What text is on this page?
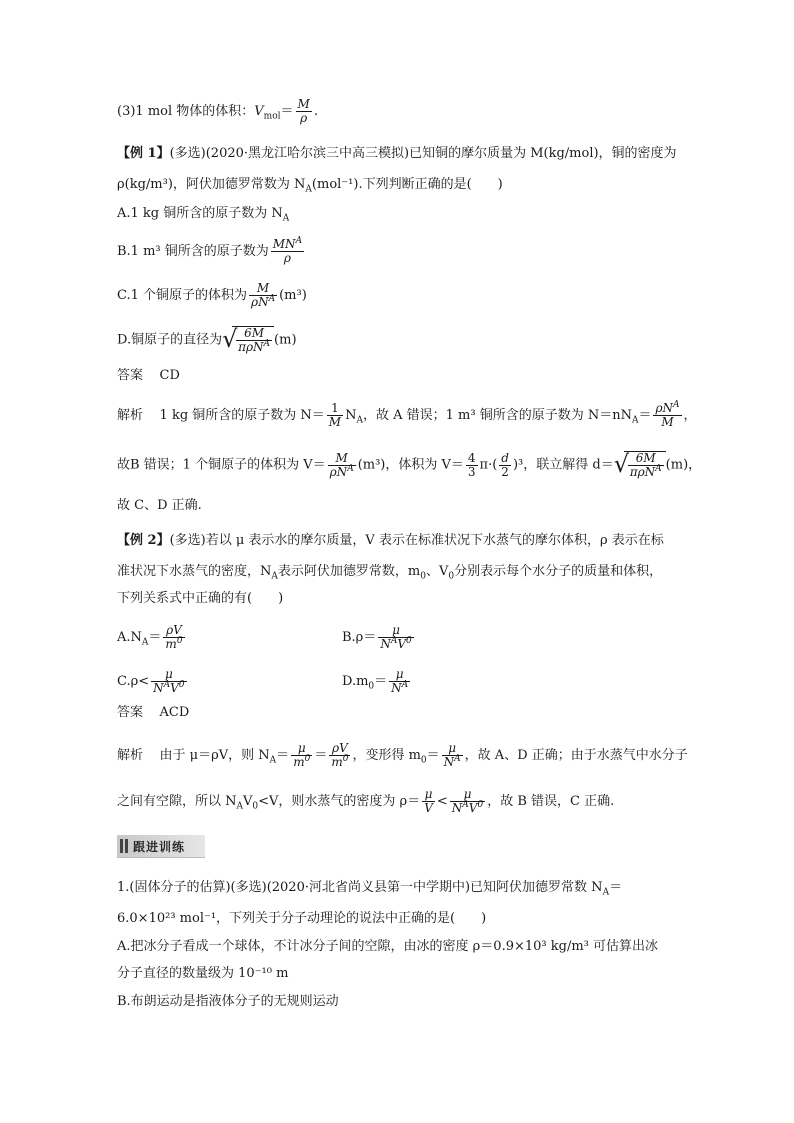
(3)1 mol 物体的体积：$V_{mol}= \frac{M}{\rho}$ .
【例 1】(多选)(2020·黑龙江哈尔滨三中高三模拟)已知铜的摩尔质量为 M(kg/mol)，铜的密度为
ρ(kg/m³)，阿伏加德罗常数为 $N_A(mol^{-1})$.下列判断正确的是(　　)
A.1 kg 铜所含的原子数为 $N_A$
B.1 m³ 铜所含的原子数为 $\frac{MN^A}{\rho}$
C.1 个铜原子的体积为 $\frac{M}{\rho N^A} (m^3)$
D.铜原子的直径为 √
$\frac{6M}{\pi\rho N^A} (m)$
答案 CD
解析 1 kg 铜所含的原子数为 $N= \frac{1}{M} N_A$，故 A 错误；1 m³ 铜所含的原子数为 $N=nN_A= \frac{\rho N^A}{M}$ ，
故B 错误；1 个铜原子的体积为 $V= \frac{M}{\rho N^A} (m^3)$，体积为 $V= \frac{4}{3} \pi\cdot( \frac{d}{2} )^3$，联立解得 d＝ √
$\frac{6M}{\pi\rho N^A} (m)$，
故 C、D 正确.
【例 2】(多选)若以 μ 表示水的摩尔质量，V 表示在标准状况下水蒸气的摩尔体积，ρ 表示在标
准状况下水蒸气的密度，$N_A$表示阿伏加德罗常数，$m_0$、$V_0$分别表示每个水分子的质量和体积，
下列关系式中正确的有(　　)
$A.N_A= \frac{\rho V}{m^0}$	$B.\rho= \frac{\mu}{N^AV^0}$
$C.\rho< \frac{\mu}{N^AV^0}$	$D.m_0= \frac{\mu}{N^A}$
答案 ACD
解析 由于 μ＝ρV，则 $N_A= \frac{\mu}{m^0} = \frac{\rho V}{m^0}$ ，变形得 $m_0= \frac{\mu}{N^A}$ ，故 A、D 正确；由于水蒸气中水分子
之间有空隙，所以 $N_AV_0<V$，则水蒸气的密度为 $\rho= \frac{\mu}{V} < \frac{\mu}{N^AV^0}$ ，故 B 错误，C 正确.
跟进训练
1.(固体分子的估算)(多选)(2020·河北省尚义县第一中学期中)已知阿伏加德罗常数 $N_A=$
6.0×10²³ mol⁻¹，下列关于分子动理论的说法中正确的是(　　)
A.把冰分子看成一个球体，不计冰分子间的空隙，由冰的密度 ρ＝0.9×10³ kg/m³ 可估算出冰
分子直径的数量级为 10⁻¹⁰ m
B.布朗运动是指液体分子的无规则运动
